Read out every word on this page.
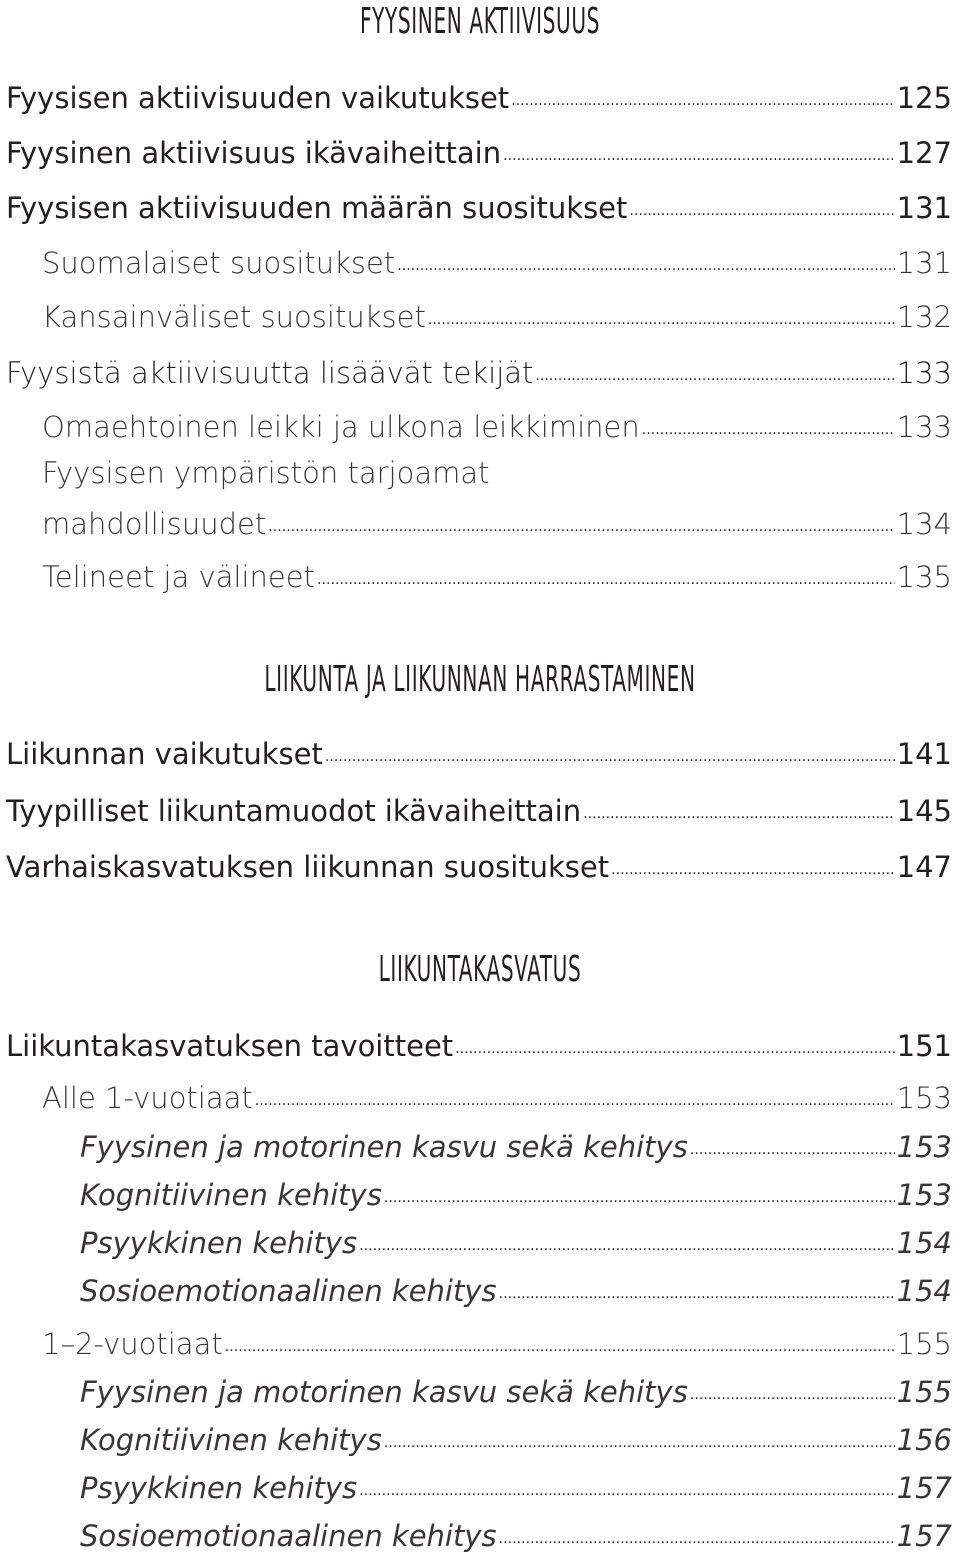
FYYSINEN AKTIIVISUUS
Fyysisen aktiivisuuden vaikutukset . . .	125
Fyysinen aktiivisuus ikävaiheittain . . .	127
Fyysisen aktiivisuuden määrän suositukset . . .	131
Suomalaiset suositukset . . .	131
Kansainväliset suositukset . . .	132
Fyysistä aktiivisuutta lisäävät tekijät . . .	133
Omaehtoinen leikki ja ulkona leikkiminen . . .	133
Fyysisen ympäristön tarjoamat
mahdollisuudet . . .	134
Telineet ja välineet . . .	135
LIIKUNTA JA LIIKUNNAN HARRASTAMINEN
Liikunnan vaikutukset . . .	141
Tyypilliset liikuntamuodot ikävaiheittain . . .	145
Varhaiskasvatuksen liikunnan suositukset . . .	147
LIIKUNTAKASVATUS
Liikuntakasvatuksen tavoitteet . . .	151
Alle 1-vuotiaat . . .	153
Fyysinen ja motorinen kasvu sekä kehitys . . .	153
Kognitiivinen kehitys . . .	153
Psyykkinen kehitys . . .	154
Sosioemotionaalinen kehitys . . .	154
1–2-vuotiaat . . .	155
Fyysinen ja motorinen kasvu sekä kehitys . . .	155
Kognitiivinen kehitys . . .	156
Psyykkinen kehitys . . .	157
Sosioemotionaalinen kehitys . . .	157
